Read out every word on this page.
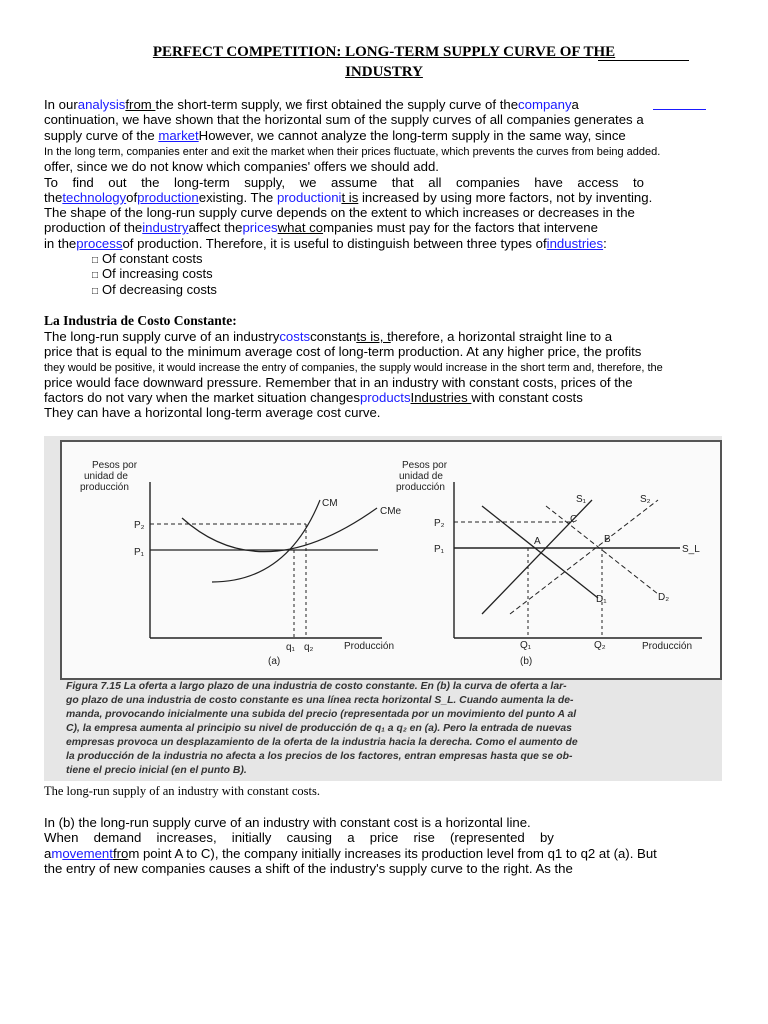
PERFECT COMPETITION: LONG-TERM SUPPLY CURVE OF THE
INDUSTRY
In ouranalysisfrom the short-term supply, we first obtained the supply curve of thecompanya
continuation, we have shown that the horizontal sum of the supply curves of all companies generates a
supply curve of the marketHowever, we cannot analyze the long-term supply in the same way, since
In the long term, companies enter and exit the market when their prices fluctuate, which prevents the curves from being added.
offer, since we do not know which companies' offers we should add.
To find out the long-term supply, we assume that all companies have access to
thetechnologyofproductionexisting. The productionit is increased by using more factors, not by inventing.
The shape of the long-run supply curve depends on the extent to which increases or decreases in the
production of theindustryaffect thepriceswhat companies must pay for the factors that intervene
in theprocessof production. Therefore, it is useful to distinguish between three types ofindustries:
□ Of constant costs
□ Of increasing costs
□ Of decreasing costs
La Industria de Costo Constante:
The long-run supply curve of an industrycostsconstants is, therefore, a horizontal straight line to a
price that is equal to the minimum average cost of long-term production. At any higher price, the profits
they would be positive, it would increase the entry of companies, the supply would increase in the short term and, therefore, the
price would face downward pressure. Remember that in an industry with constant costs, prices of the
factors do not vary when the market situation changesproductsIndustries with constant costs
They can have a horizontal long-term average cost curve.
Pesos por
unidad de
producción
P₂
P₁
CM
CMe
q₁ q₂	Producción
(a)
Pesos por
unidad de
producción
P₂
P₁	S_L
S₁	S₂
D₁	D₂
A	B
C
Q₁	Q₂	Producción
(b)
Figura 7.15 La oferta a largo plazo de una industria de costo constante. En (b) la curva de oferta a lar-
go plazo de una industria de costo constante es una línea recta horizontal S_L. Cuando aumenta la de-
manda, provocando inicialmente una subida del precio (representada por un movimiento del punto A al
C), la empresa aumenta al principio su nivel de producción de q₁ a q₂ en (a). Pero la entrada de nuevas
empresas provoca un desplazamiento de la oferta de la industria hacia la derecha. Como el aumento de
la producción de la industria no afecta a los precios de los factores, entran empresas hasta que se ob-
tiene el precio inicial (en el punto B).
The long-run supply of an industry with constant costs.
In (b) the long-run supply curve of an industry with constant cost is a horizontal line.
When demand increases, initially causing a price rise (represented by
amovementfrom point A to C), the company initially increases its production level from q1 to q2 at (a). But
the entry of new companies causes a shift of the industry's supply curve to the right. As the
